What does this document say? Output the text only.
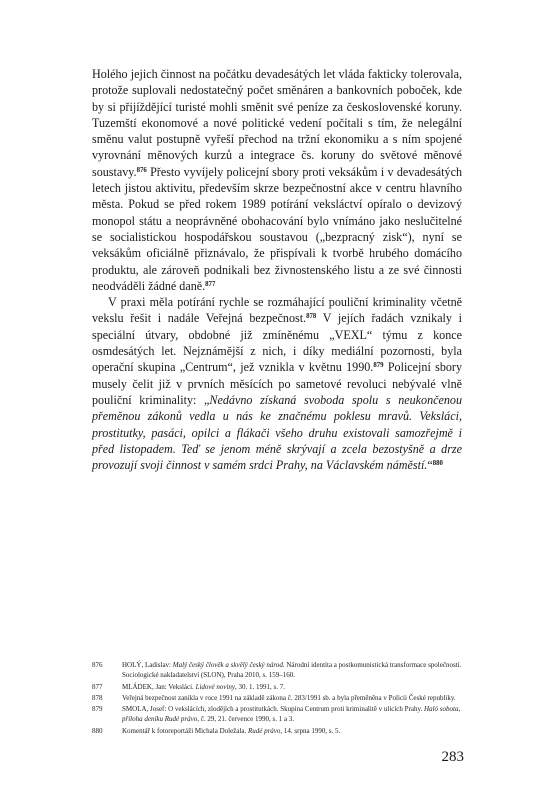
Holého jejich činnost na počátku devadesátých let vláda fakticky tolerovala, protože suplovali nedostatečný počet směnáren a bankovních poboček, kde by si přijíždějící turisté mohli směnit své peníze za československé koruny. Tuzemští ekonomové a nové politické vedení počítali s tím, že nelegální směnu valut postupně vyřeší přechod na tržní ekonomiku a s ním spojené vyrovnání měnových kurzů a integrace čs. koruny do světové měnové soustavy.$^{876}$ Přesto vyvíjely policejní sbory proti veksákům i v devadesátých letech jistou aktivitu, především skrze bezpečnostní akce v centru hlavního města. Pokud se před rokem 1989 potírání veksláctví opíralo o devizový monopol státu a neoprávněné obohacování bylo vnímáno jako neslučitelné se socialistickou hospodářskou soustavou („bezpracný zisk“), nyní se veksákům oficiálně přiznávalo, že přispívali k tvorbě hrubého domácího produktu, ale zároveň podnikali bez živnostenského listu a ze své činnosti neodváděli žádné daně.$^{877}$

V praxi měla potírání rychle se rozmáhající pouliční kriminality včetně vekslu řešit i nadále Veřejná bezpečnost.$^{878}$ V jejích řadách vznikaly i speciální útvary, obdobné již zmíněnému „VEXL“ týmu z konce osmdesátých let. Nejznámější z nich, i díky mediální pozornosti, byla operační skupina „Centrum“, jež vznikla v květnu 1990.$^{879}$ Policejní sbory musely čelit již v prvních měsících po sametové revoluci nebývalé vlně pouliční kriminality: „Nedávno získaná svoboda spolu s neukončenou přeměnou zákonů vedla u nás ke značnému poklesu mravů. Veksláci, prostitutky, pasáci, opilci a flákači všeho druhu existovali samozřejmě i před listopadem. Teď se jenom méně skrývají a zcela bezostyšně a drze provozují svoji činnost v samém srdci Prahy, na Václavském náměstí.“$^{880}$

876	HOLÝ, Ladislav: Malý český člověk a skvělý český národ. Národní identita a postkomunistická transformace společnosti. Sociologické nakladatelství (SLON), Praha 2010, s. 159–160.
877	MLÁDEK, Jan: Veksláci. Lidové noviny, 30. 1. 1991, s. 7.
878	Veřejná bezpečnost zanikla v roce 1991 na základě zákona č. 283/1991 sb. a byla přeměněna v Policii České republiky.
879	SMOLA, Josef: O vekslácích, zlodějích a prostitutkách. Skupina Centrum proti kriminalitě v ulicích Prahy. Haló sobota, příloha deníku Rudé právo, č. 29, 21. července 1990, s. 1 a 3.
880	Komentář k fotoreportáži Michala Doležala. Rudé právo, 14. srpna 1990, s. 5.
283
